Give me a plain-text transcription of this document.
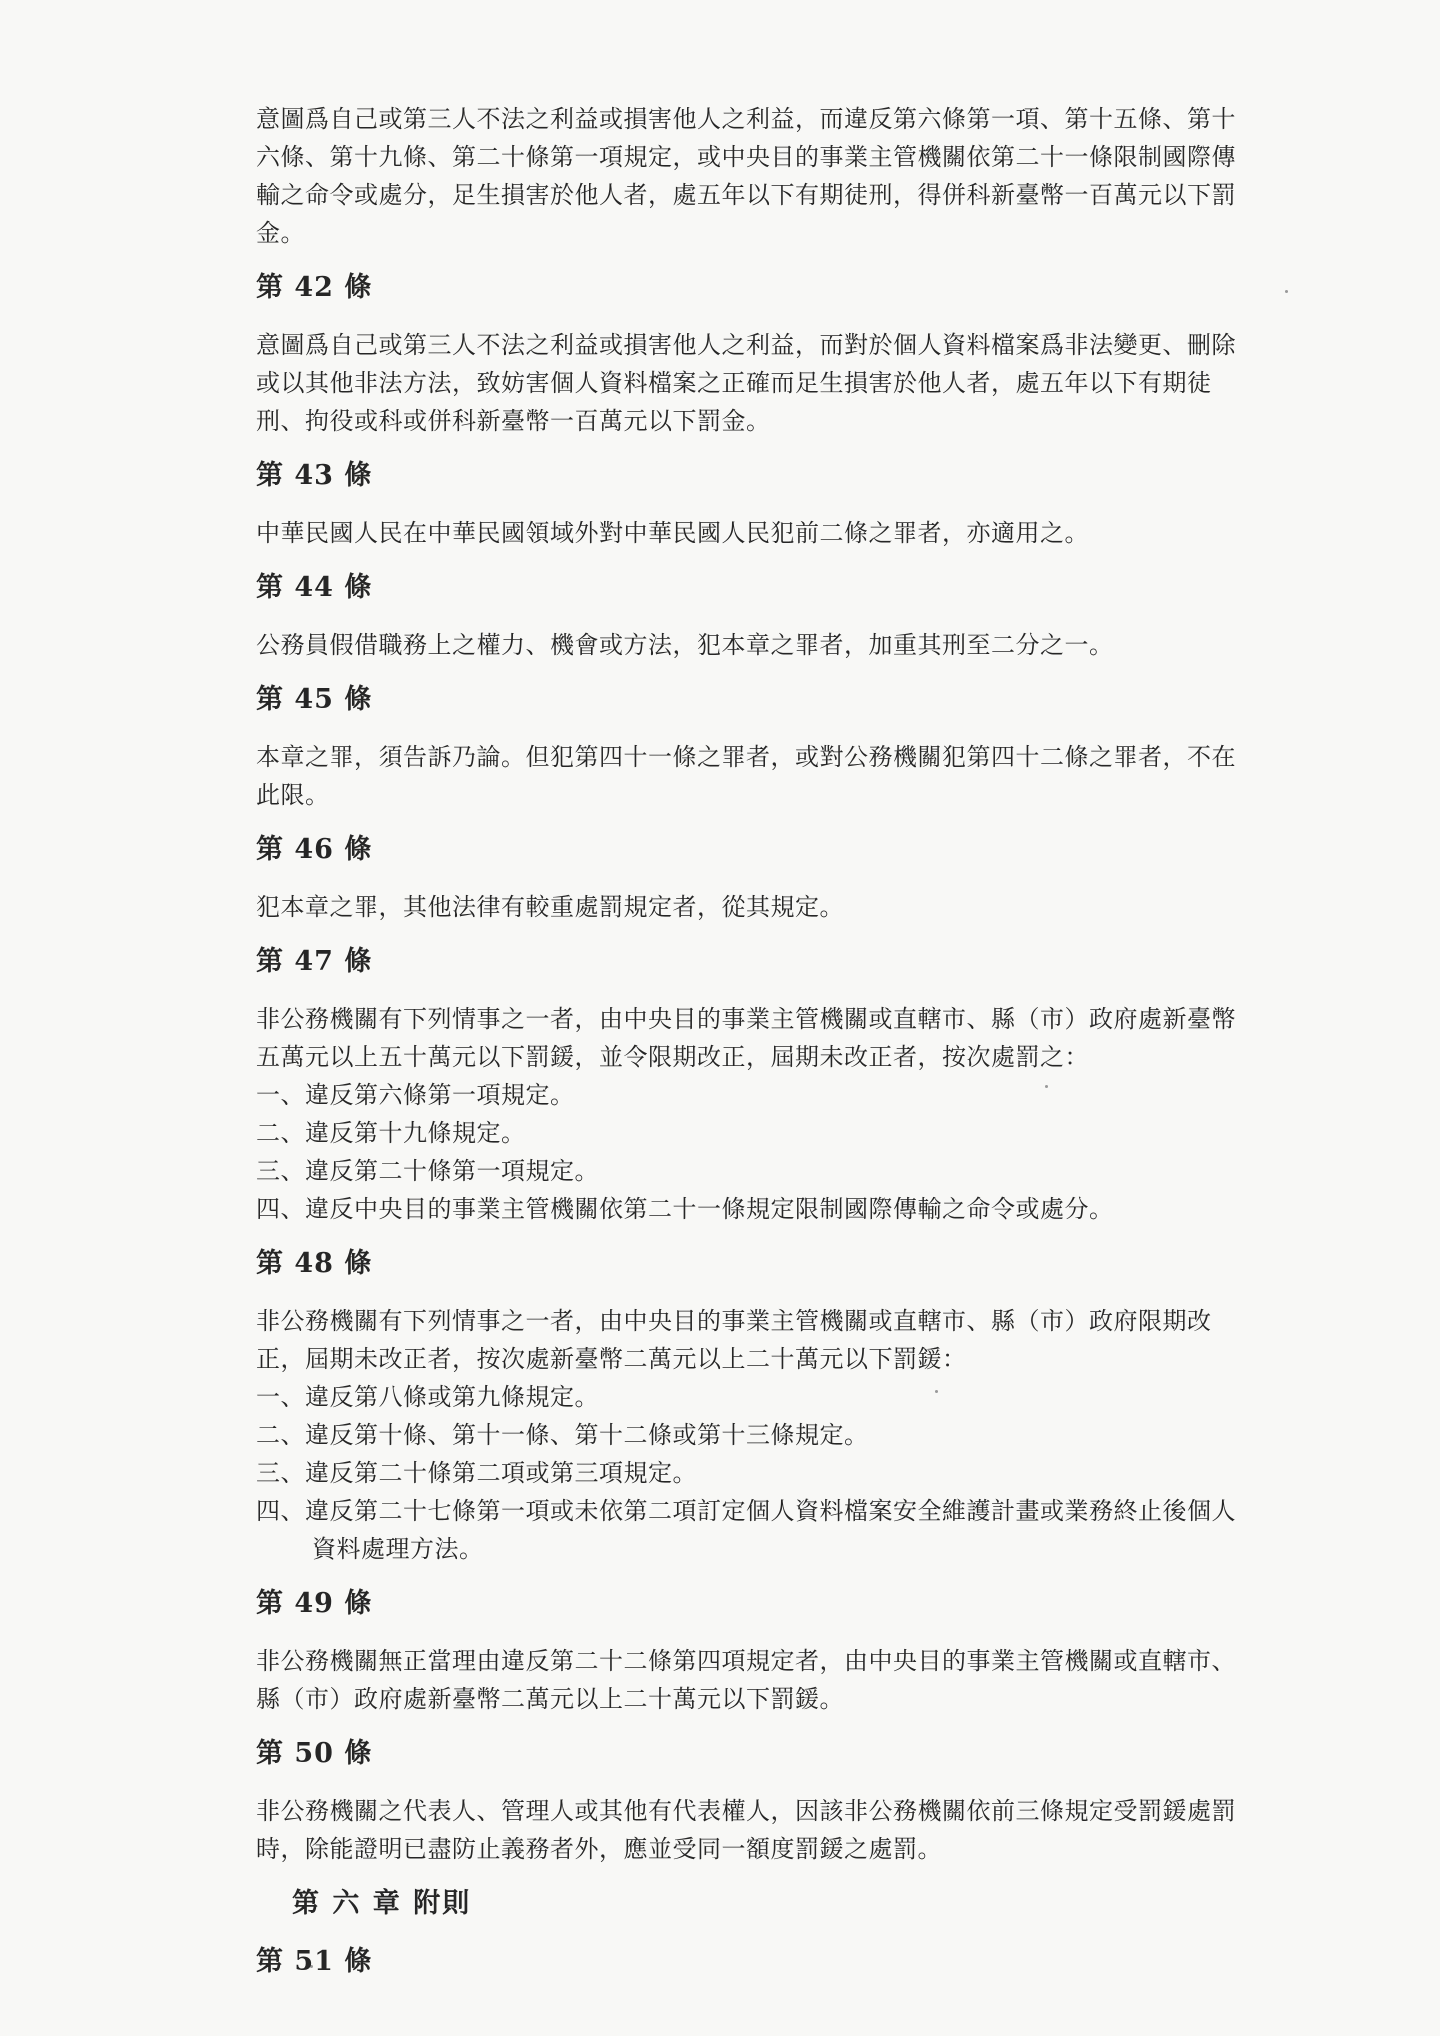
意圖爲自己或第三人不法之利益或損害他人之利益，而違反第六條第一項、第十五條、第十六條、第十九條、第二十條第一項規定，或中央目的事業主管機關依第二十一條限制國際傳輸之命令或處分，足生損害於他人者，處五年以下有期徒刑，得併科新臺幣一百萬元以下罰金。

第 42 條

意圖爲自己或第三人不法之利益或損害他人之利益，而對於個人資料檔案爲非法變更、刪除或以其他非法方法，致妨害個人資料檔案之正確而足生損害於他人者，處五年以下有期徒刑、拘役或科或併科新臺幣一百萬元以下罰金。

第 43 條

中華民國人民在中華民國領域外對中華民國人民犯前二條之罪者，亦適用之。

第 44 條

公務員假借職務上之權力、機會或方法，犯本章之罪者，加重其刑至二分之一。

第 45 條

本章之罪，須告訴乃論。但犯第四十一條之罪者，或對公務機關犯第四十二條之罪者，不在此限。

第 46 條

犯本章之罪，其他法律有較重處罰規定者，從其規定。

第 47 條

非公務機關有下列情事之一者，由中央目的事業主管機關或直轄市、縣（市）政府處新臺幣五萬元以上五十萬元以下罰鍰，並令限期改正，屆期未改正者，按次處罰之：

一、違反第六條第一項規定。

二、違反第十九條規定。

三、違反第二十條第一項規定。

四、違反中央目的事業主管機關依第二十一條規定限制國際傳輸之命令或處分。

第 48 條

非公務機關有下列情事之一者，由中央目的事業主管機關或直轄市、縣（市）政府限期改正，屆期未改正者，按次處新臺幣二萬元以上二十萬元以下罰鍰：

一、違反第八條或第九條規定。

二、違反第十條、第十一條、第十二條或第十三條規定。

三、違反第二十條第二項或第三項規定。

四、違反第二十七條第一項或未依第二項訂定個人資料檔案安全維護計畫或業務終止後個人資料處理方法。

第 49 條

非公務機關無正當理由違反第二十二條第四項規定者，由中央目的事業主管機關或直轄市、縣（市）政府處新臺幣二萬元以上二十萬元以下罰鍰。

第 50 條

非公務機關之代表人、管理人或其他有代表權人，因該非公務機關依前三條規定受罰鍰處罰時，除能證明已盡防止義務者外，應並受同一額度罰鍰之處罰。

第 六 章 附則
第 51 條
